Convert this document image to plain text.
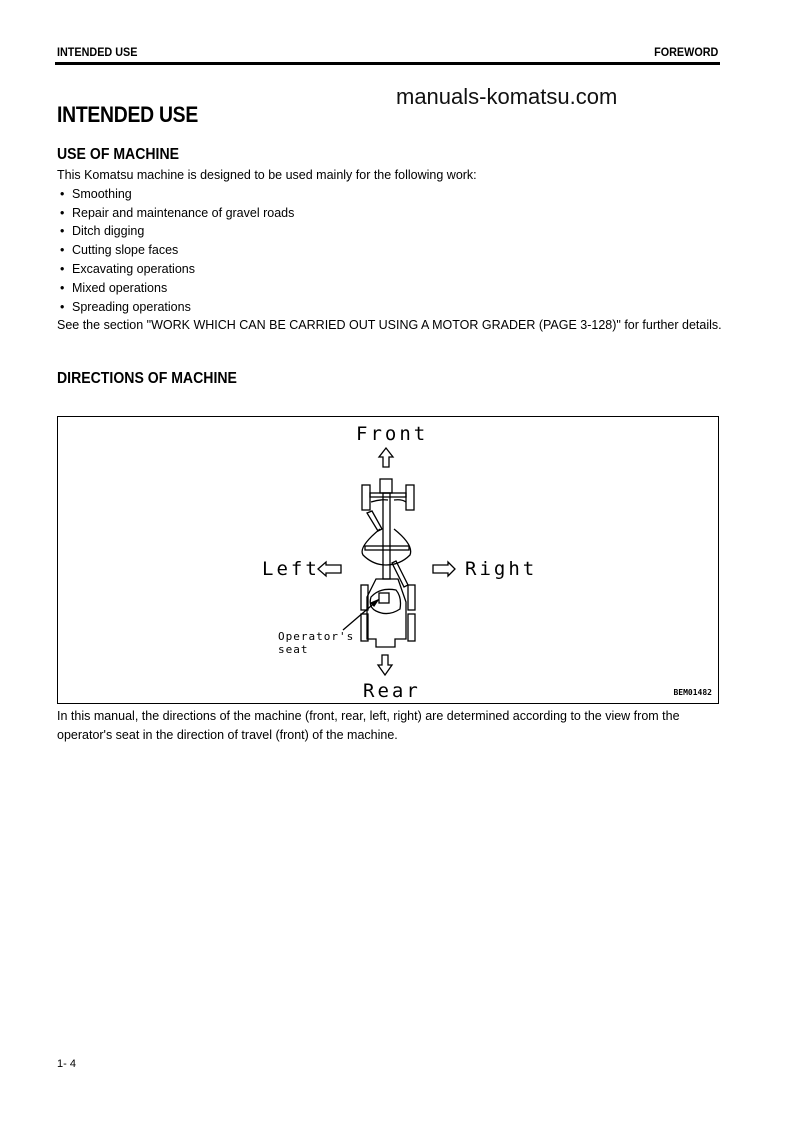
INTENDED USE	FOREWORD
manuals-komatsu.com
INTENDED USE
USE OF MACHINE
This Komatsu machine is designed to be used mainly for the following work:
• Smoothing
• Repair and maintenance of gravel roads
• Ditch digging
• Cutting slope faces
• Excavating operations
• Mixed operations
• Spreading operations
See the section "WORK WHICH CAN BE CARRIED OUT USING A MOTOR GRADER (PAGE 3-128)" for further details.
DIRECTIONS OF MACHINE
Front
Left	Right
Rear
Operator's
seat
BEM01482
In this manual, the directions of the machine (front, rear, left, right) are determined according to the view from the operator's seat in the direction of travel (front) of the machine.
1- 4
